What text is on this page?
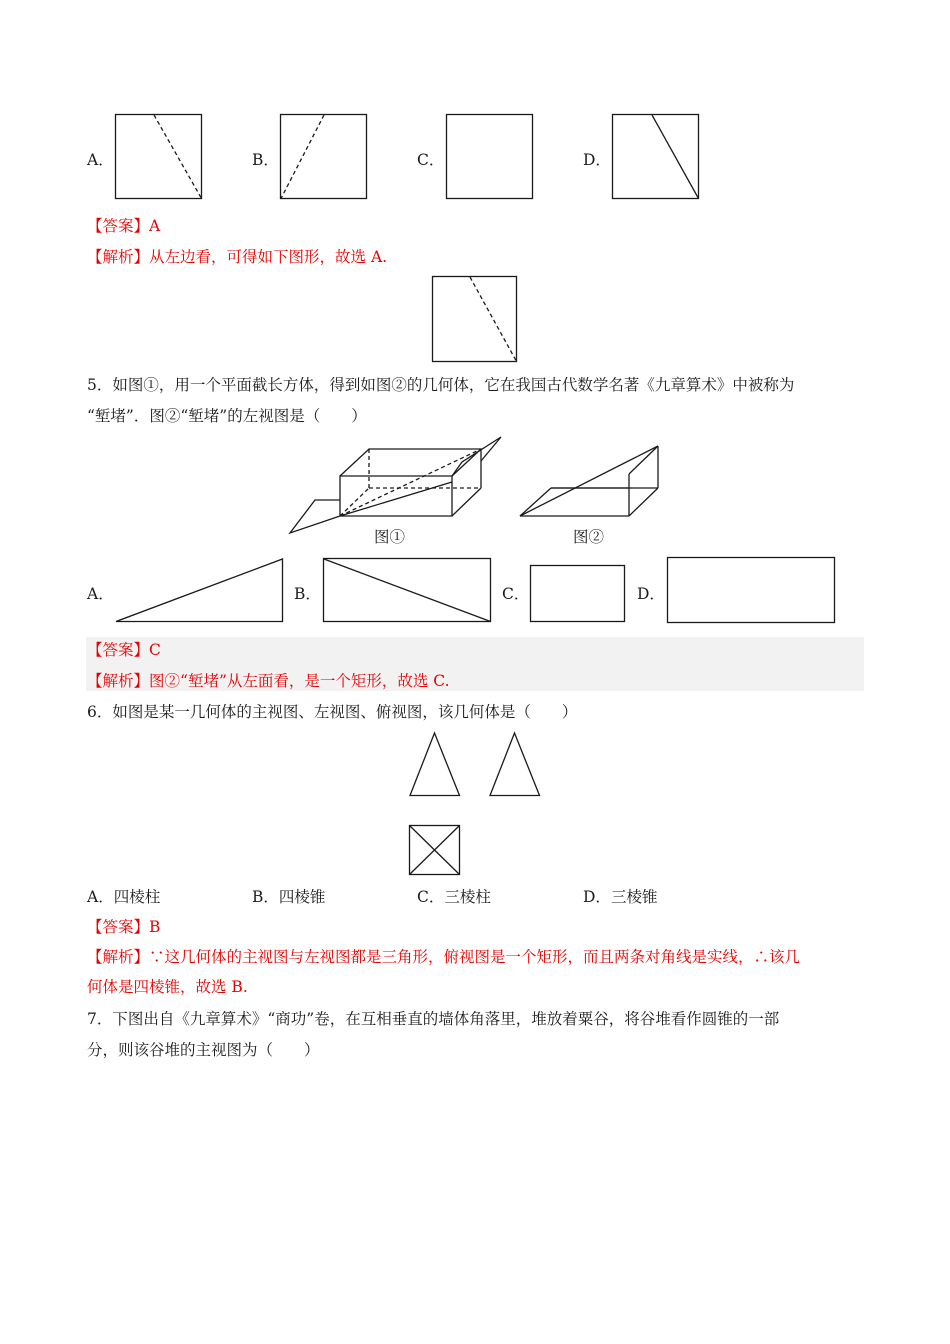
A．	B．	C．	D．
【答案】A
【解析】从左边看，可得如下图形，故选 A.
5．如图①，用一个平面截长方体，得到如图②的几何体，它在我国古代数学名著《九章算术》中被称为
“堑堵”．图②“堑堵”的左视图是（　　）
图①	图②
A．	B．	C．	D．
【答案】C
【解析】图②“堑堵”从左面看，是一个矩形，故选 C.
6．如图是某一几何体的主视图、左视图、俯视图，该几何体是（　　）
A．四棱柱	B．四棱锥	C．三棱柱	D．三棱锥
【答案】B
【解析】∵这几何体的主视图与左视图都是三角形，俯视图是一个矩形，而且两条对角线是实线，∴该几
何体是四棱锥，故选 B.
7．下图出自《九章算术》“商功”卷，在互相垂直的墙体角落里，堆放着粟谷，将谷堆看作圆锥的一部
分，则该谷堆的主视图为（　　）
